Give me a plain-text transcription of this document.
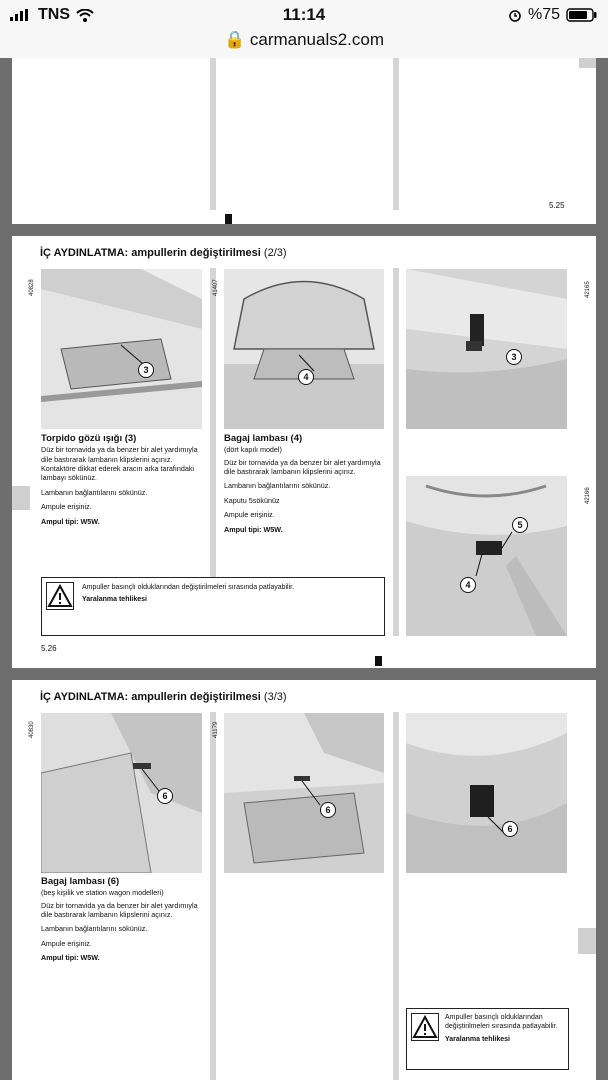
TNS	11:14	%75
🔒 carmanuals2.com
5.25
İÇ AYDINLATMA: ampullerin değiştirilmesi (2/3)
40828
3
41407
4
42165
3
42166
5
4

Torpido gözü ışığı (3)

Düz bir tornavida ya da benzer bir alet yardımıyla dile bastırarak lambanın klipslerini açınız. Kontaktöre dikkat ederek aracın arka tarafındaki lambayı sökünüz.

Lambanın bağlantılarını sökünüz.

Ampule erişiniz.

Ampul tipi: W5W.

Bagaj lambası (4)

(dört kapılı model)

Düz bir tornavida ya da benzer bir alet yardımıyla dile bastırarak lambanın klipslerini açınız.

Lambanın bağlantılarını sökünüz.

Kaputu 5sökünüz

Ampule erişiniz.

Ampul tipi: W5W.

Ampuller basınçlı olduklarından değiştirilmeleri sırasında patlayabilir.
Yaralanma tehlikesi
5.26
İÇ AYDINLATMA: ampullerin değiştirilmesi (3/3)
40830
6
41179
6
6

Bagaj lambası (6)

(beş kişilik ve station wagon modelleri)

Düz bir tornavida ya da benzer bir alet yardımıyla dile bastırarak lambanın klipslerini açınız.

Lambanın bağlantılarını sökünüz.

Ampule erişiniz.

Ampul tipi: W5W.

Ampuller basınçlı olduklarından değiştirilmeleri sırasında patlayabilir.
Yaralanma tehlikesi
